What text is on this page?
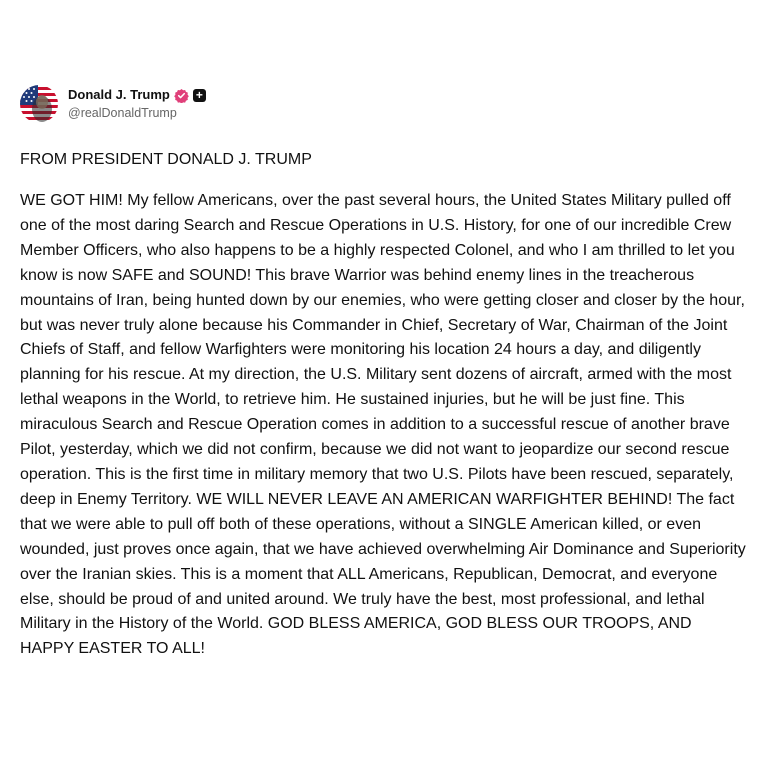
Donald J. Trump +
@realDonaldTrump
FROM PRESIDENT DONALD J. TRUMP
WE GOT HIM! My fellow Americans, over the past several hours, the United States Military pulled off one of the most daring Search and Rescue Operations in U.S. History, for one of our incredible Crew Member Officers, who also happens to be a highly respected Colonel, and who I am thrilled to let you know is now SAFE and SOUND! This brave Warrior was behind enemy lines in the treacherous mountains of Iran, being hunted down by our enemies, who were getting closer and closer by the hour, but was never truly alone because his Commander in Chief, Secretary of War, Chairman of the Joint Chiefs of Staff, and fellow Warfighters were monitoring his location 24 hours a day, and diligently planning for his rescue. At my direction, the U.S. Military sent dozens of aircraft, armed with the most lethal weapons in the World, to retrieve him. He sustained injuries, but he will be just fine. This miraculous Search and Rescue Operation comes in addition to a successful rescue of another brave Pilot, yesterday, which we did not confirm, because we did not want to jeopardize our second rescue operation. This is the first time in military memory that two U.S. Pilots have been rescued, separately, deep in Enemy Territory. WE WILL NEVER LEAVE AN AMERICAN WARFIGHTER BEHIND! The fact that we were able to pull off both of these operations, without a SINGLE American killed, or even wounded, just proves once again, that we have achieved overwhelming Air Dominance and Superiority over the Iranian skies. This is a moment that ALL Americans, Republican, Democrat, and everyone else, should be proud of and united around. We truly have the best, most professional, and lethal Military in the History of the World. GOD BLESS AMERICA, GOD BLESS OUR TROOPS, AND HAPPY EASTER TO ALL!
